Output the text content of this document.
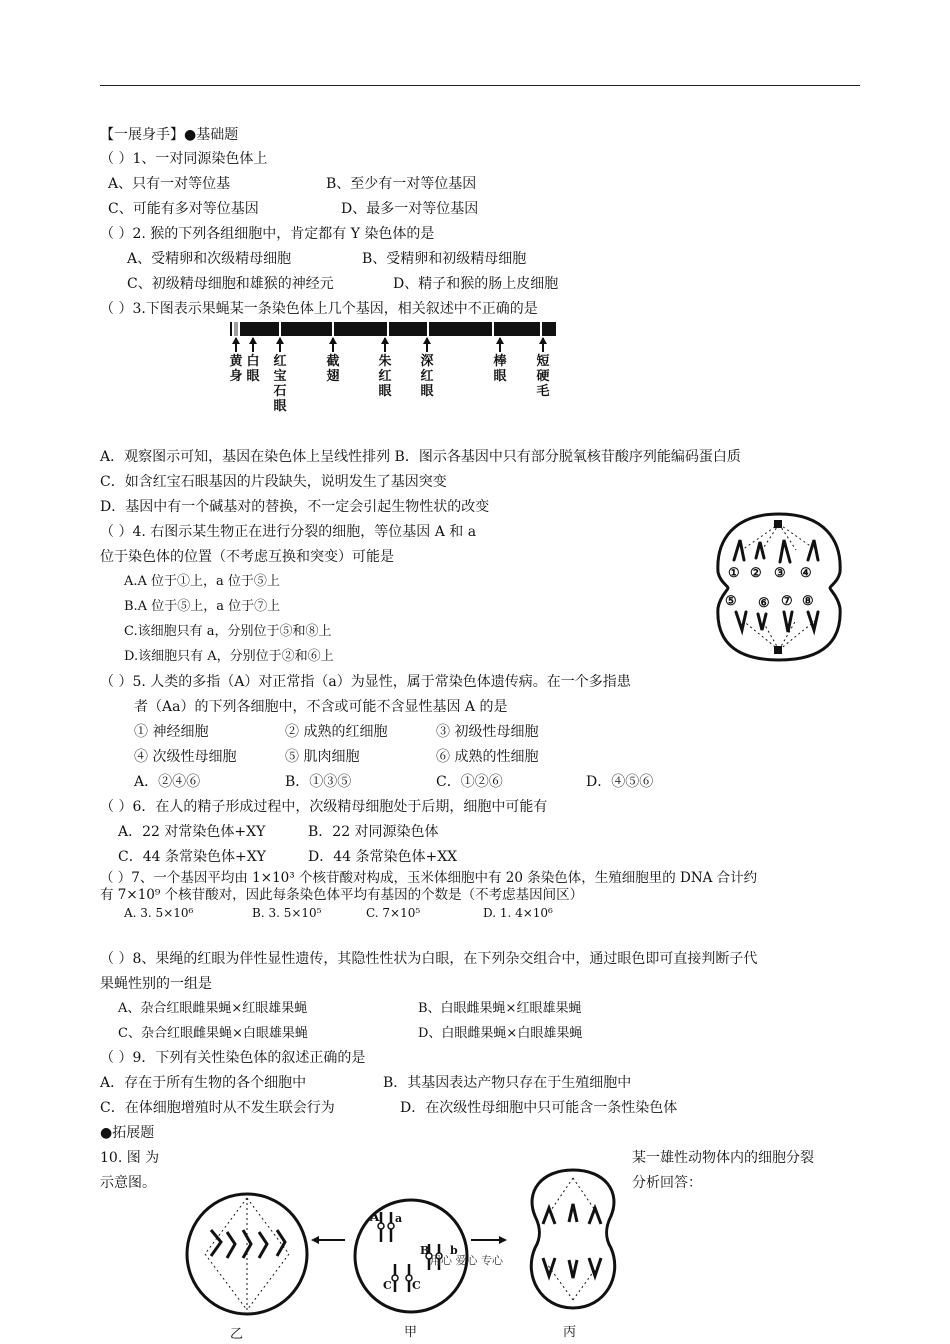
【一展身手】●基础题
（ ）1、一对同源染色体上
A、只有一对等位基	B、至少有一对等位基因
C、可能有多对等位基因	D、最多一对等位基因
（ ）2. 猴的下列各组细胞中，肯定都有 Y 染色体的是
A、受精卵和次级精母细胞	B、受精卵和初级精母细胞
C、初级精母细胞和雄猴的神经元	D、精子和猴的肠上皮细胞
（ ）3.下图表示果蝇某一条染色体上几个基因，相关叙述中不正确的是
黄身
白眼
红宝石眼
截翅
朱红眼
深红眼
棒眼
短硬毛
A．观察图示可知，基因在染色体上呈线性排列 B．图示各基因中只有部分脱氧核苷酸序列能编码蛋白质
C．如含红宝石眼基因的片段缺失，说明发生了基因突变
D．基因中有一个碱基对的替换，不一定会引起生物性状的改变
（ ）4. 右图示某生物正在进行分裂的细胞，等位基因 A 和 a
位于染色体的位置（不考虑互换和突变）可能是
A.A 位于①上，a 位于⑤上
B.A 位于⑤上，a 位于⑦上
C.该细胞只有 a，分别位于⑤和⑧上
D.该细胞只有 A，分别位于②和⑥上
① ② ③ ④
⑤ ⑥ ⑦ ⑧
（ ）5. 人类的多指（A）对正常指（a）为显性，属于常染色体遗传病。在一个多指患
者（Aa）的下列各细胞中，不含或可能不含显性基因 A 的是
① 神经细胞	② 成熟的红细胞	③ 初级性母细胞
④ 次级性母细胞	⑤ 肌肉细胞	⑥ 成熟的性细胞
A．②④⑥	B．①③⑤	C．①②⑥	D．④⑤⑥
（ ）6．在人的精子形成过程中，次级精母细胞处于后期，细胞中可能有
A．22 对常染色体+XY	B．22 对同源染色体
C．44 条常染色体+XY	D．44 条常染色体+XX
（ ）7、一个基因平均由 1×10³ 个核苷酸对构成，玉米体细胞中有 20 条染色体，生殖细胞里的 DNA 合计约
有 7×10⁹ 个核苷酸对，因此每条染色体平均有基因的个数是（不考虑基因间区）
A. 3. 5×10⁶	B. 3. 5×10⁵	C. 7×10⁵	D. 1. 4×10⁶
（ ）8、果绳的红眼为伴性显性遗传，其隐性性状为白眼，在下列杂交组合中，通过眼色即可直接判断子代
果蝇性别的一组是
A、杂合红眼雌果蝇×红眼雄果蝇	B、白眼雌果蝇×红眼雄果蝇
C、杂合红眼雌果蝇×白眼雄果蝇	D、白眼雌果蝇×白眼雄果蝇
（ ）9．下列有关性染色体的叙述正确的是
A．存在于所有生物的各个细胞中	B．其基因表达产物只存在于生殖细胞中
C．在体细胞增殖时从不发生联会行为	D．在次级性母细胞中只可能含一条性染色体
●拓展题
10. 图 为
示意图。
某一雄性动物体内的细胞分裂
分析回答：
A a
B b
C C
用心 爱心 专心
乙	甲	丙
